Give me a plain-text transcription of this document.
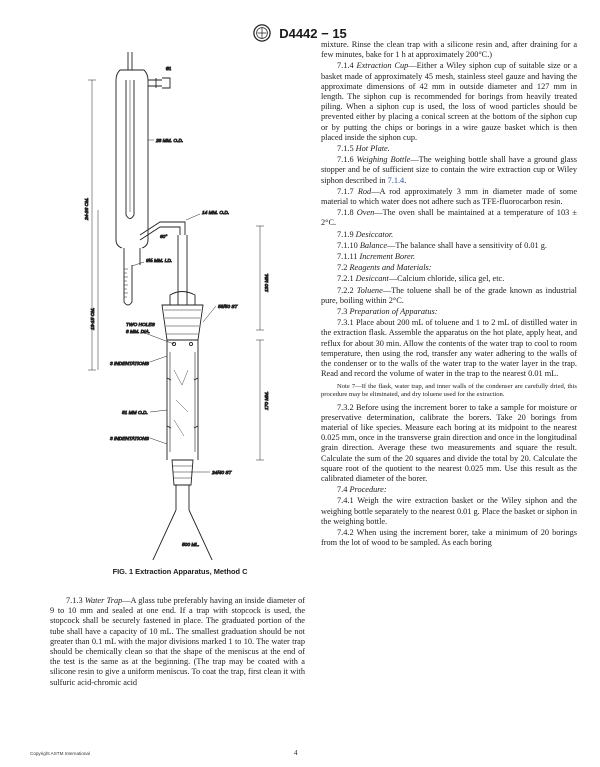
D4442 − 15
#1
28 MM. O.D.
24-26 CM.	14 MM. O.D.
60°
130 MM.
9½ MM. I.D.
13-15 CM.	TWO HOLES
8 MM. DIA.
55/50 ST
3 INDENTATIONS
51 MM O.D.
170 MM.
3 INDENTATIONS
24/40 ST
500 ML.
FIG. 1 Extraction Apparatus, Method C

7.1.3 Water Trap—A glass tube preferably having an inside diameter of 9 to 10 mm and sealed at one end. If a trap with stopcock is used, the stopcock shall be securely fastened in place. The graduated portion of the tube shall have a capacity of 10 mL. The smallest graduation should be not greater than 0.1 mL with the major divisions marked 1 to 10. The water trap should be chemically clean so that the shape of the meniscus at the end of the test is the same as at the beginning. (The trap may be coated with a silicone resin to give a uniform meniscus. To coat the trap, first clean it with sulfuric acid-chromic acid

mixture. Rinse the clean trap with a silicone resin and, after draining for a few minutes, bake for 1 h at approximately 200°C.)

7.1.4 Extraction Cup—Either a Wiley siphon cup of suitable size or a basket made of approximately 45 mesh, stainless steel gauze and having the approximate dimensions of 42 mm in outside diameter and 127 mm in length. The siphon cup is recommended for borings from heavily treated piling. When a siphon cup is used, the loss of wood particles should be prevented either by placing a conical screen at the bottom of the siphon cup or by putting the chips or borings in a wire gauze basket which is then placed inside the siphon cup.

7.1.5 Hot Plate.

7.1.6 Weighing Bottle—The weighing bottle shall have a ground glass stopper and be of sufficient size to contain the wire extraction cup or Wiley siphon described in 7.1.4.

7.1.7 Rod—A rod approximately 3 mm in diameter made of some material to which water does not adhere such as TFE-fluorocarbon resin.

7.1.8 Oven—The oven shall be maintained at a temperature of 103 ± 2°C.

7.1.9 Desiccator.

7.1.10 Balance—The balance shall have a sensitivity of 0.01 g.

7.1.11 Increment Borer.

7.2 Reagents and Materials:

7.2.1 Desiccant—Calcium chloride, silica gel, etc.

7.2.2 Toluene—The toluene shall be of the grade known as industrial pure, boiling within 2°C.

7.3 Preparation of Apparatus:

7.3.1 Place about 200 mL of toluene and 1 to 2 mL of distilled water in the extraction flask. Assemble the apparatus on the hot plate, apply heat, and reflux for about 30 min. Allow the contents of the water trap to cool to room temperature, then using the rod, transfer any water adhering to the walls of the condenser or to the walls of the water trap to the water layer in the trap. Read and record the volume of water in the trap to the nearest 0.01 mL.

Note 7—If the flask, water trap, and inner walls of the condenser are carefully dried, this procedure may be eliminated, and dry toluene used for the extraction.

7.3.2 Before using the increment borer to take a sample for moisture or preservative determination, calibrate the borers. Take 20 borings from material of like species. Measure each boring at its midpoint to the nearest 0.025 mm, once in the transverse grain direction and once in the longitudinal grain direction. Average these two measurements and square the result. Calculate the sum of the 20 squares and divide the total by 20. Calculate the square root of the quotient to the nearest 0.025 mm. Use this result as the calibrated diameter of the borer.

7.4 Procedure:

7.4.1 Weigh the wire extraction basket or the Wiley siphon and the weighing bottle separately to the nearest 0.01 g. Place the basket or siphon in the weighing bottle.

7.4.2 When using the increment borer, take a minimum of 20 borings from the lot of wood to be sampled. As each boring

Copyright ASTM International	4
